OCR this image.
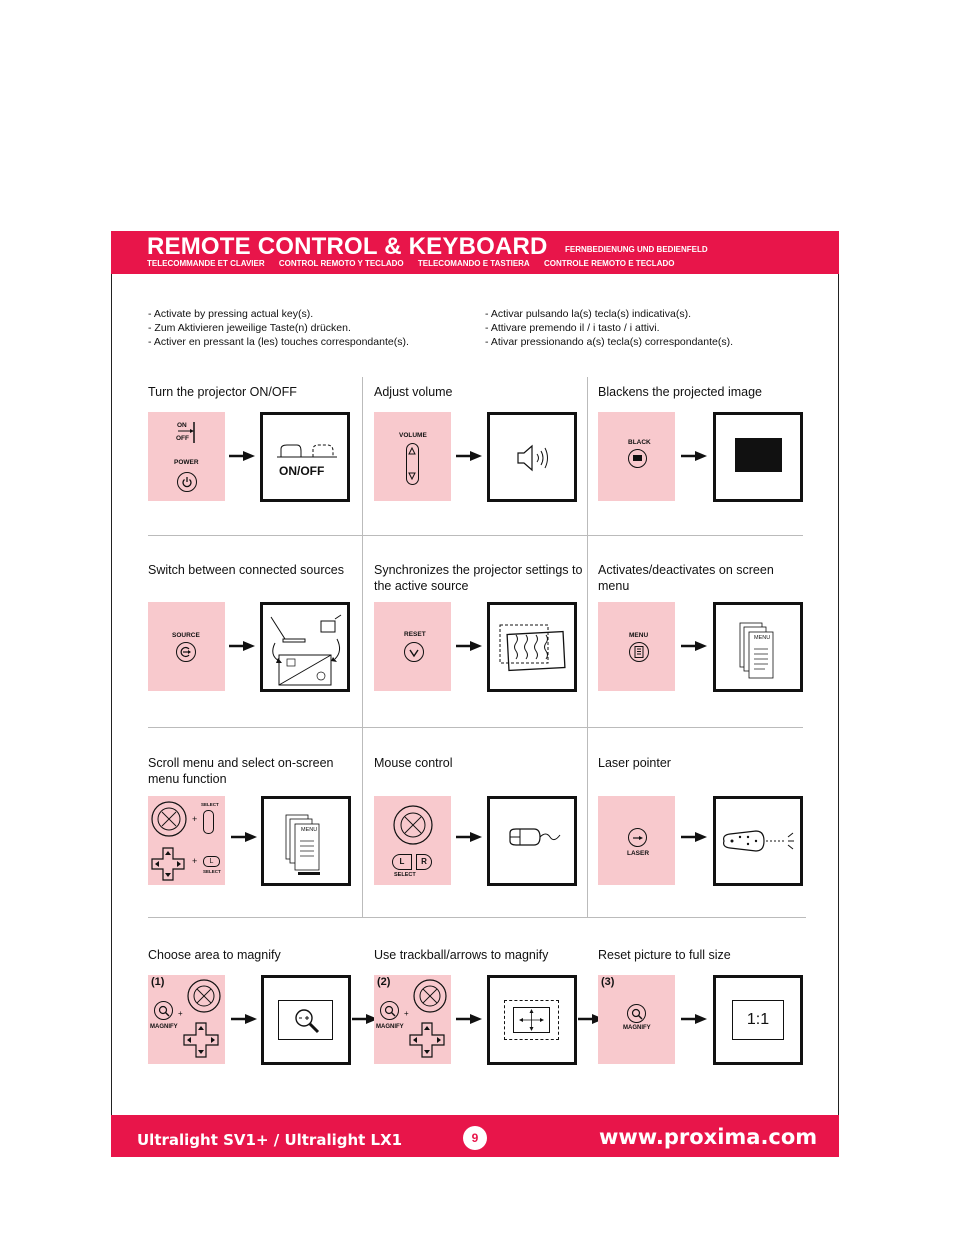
REMOTE CONTROL & KEYBOARD FERNBEDIENUNG UND BEDIENFELD
TELECOMMANDE ET CLAVIER CONTROL REMOTO Y TECLADO TELECOMANDO E TASTIERA CONTROLE REMOTO E TECLADO
- Activate by pressing actual key(s).
- Zum Aktivieren jeweilige Taste(n) drücken.
- Activer en pressant la (les) touches correspondante(s).
- Activar pulsando la(s) tecla(s) indicativa(s).
- Attivare premendo il / i tasto / i attivi.
- Ativar pressionando a(s) tecla(s) correspondante(s).
Turn the projector ON/OFF
ON
OFF
POWER
ON/OFF
Adjust volume
VOLUME
Blackens the projected image
BLACK
Switch between connected sources
SOURCE
Synchronizes the projector settings to the active source
RESET
Activates/deactivates on screen menu
MENU	MENU
Scroll menu and select on-screen menu function
SELECT
+
+	L
SELECT
MENU
Mouse control
L	R
SELECT
Laser pointer
LASER
Choose area to magnify
(1)
+
MAGNIFY
Use trackball/arrows to magnify
(2)
+
MAGNIFY
Reset picture to full size
(3)
MAGNIFY	1:1
Ultralight SV1+ / Ultralight LX1	9	www.proxima.com
